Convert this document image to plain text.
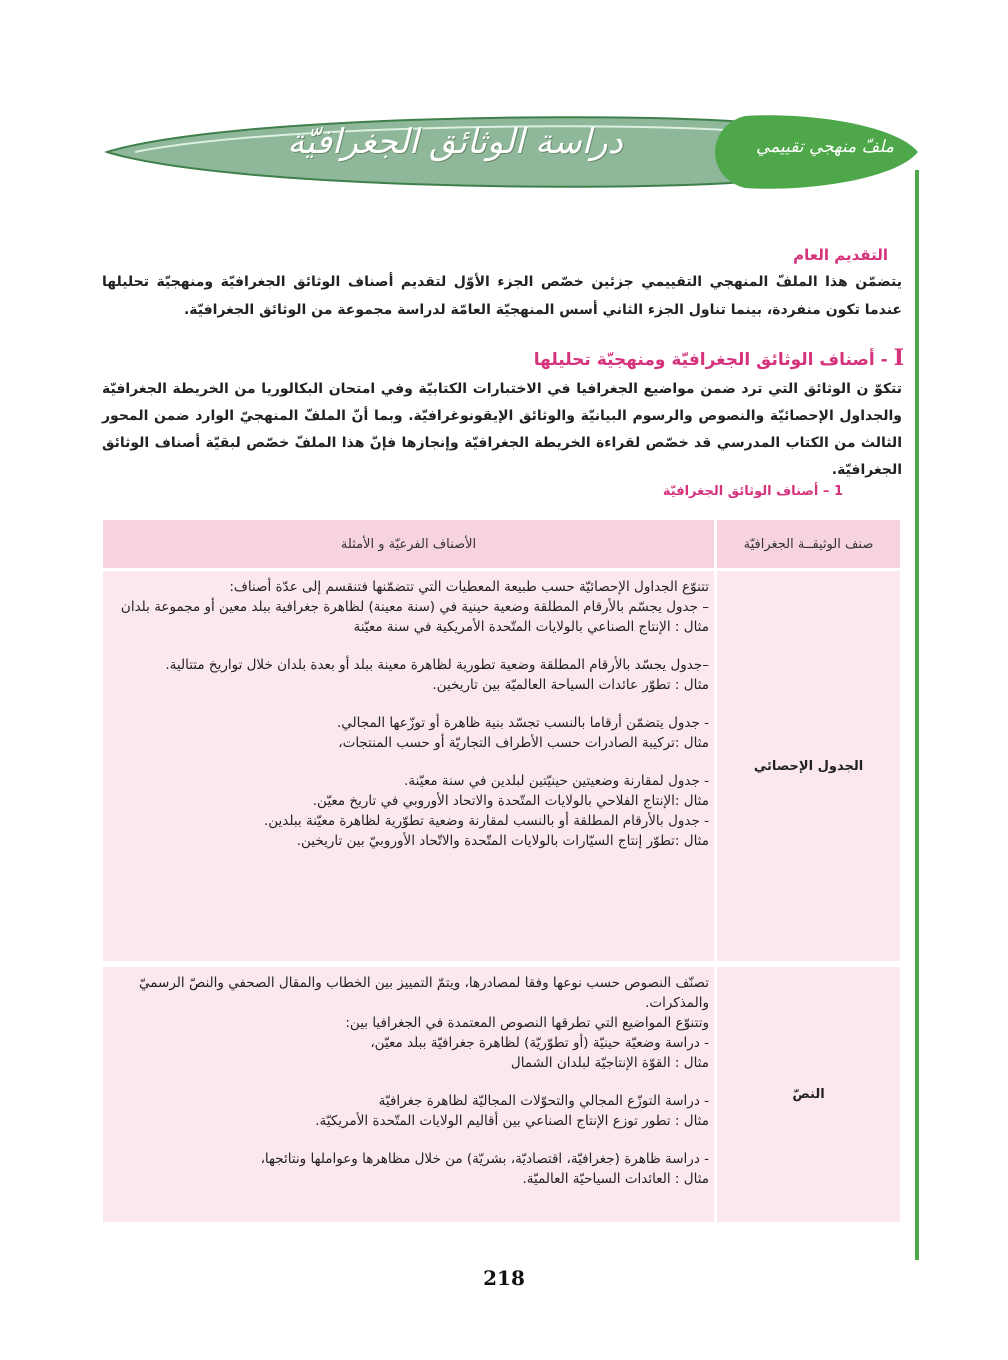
دراسة الوثائق الجغرافيّة	ملفّ منهجي تقييمي
التقديم العام
يتضمّن هذا الملفّ المنهجي التقييمي جزئين خصّص الجزء الأوّل لتقديم أصناف الوثائق الجغرافيّة ومنهجيّة تحليلها عندما تكون منفردة، بينما تناول الجزء الثاني أسس المنهجيّة العامّة لدراسة مجموعة من الوثائق الجغرافيّة.
I- أصناف الوثائق الجغرافيّة ومنهجيّة تحليلها
تتكوّ ن الوثائق التي ترد ضمن مواضيع الجغرافيا في الاختبارات الكتابيّة وفي امتحان البكالوريا من الخريطة الجغرافيّة والجداول الإحصائيّة والنصوص والرسوم البيانيّة والوثائق الإيقونوغرافيّة. وبما أنّ الملفّ المنهجيّ الوارد ضمن المحور الثالث من الكتاب المدرسي قد خصّص لقراءة الخريطة الجغرافيّة وإنجازها فإنّ هذا الملفّ خصّص لبقيّة أصناف الوثائق الجغرافيّة.
1 – أصناف الوثائق الجغرافيّة
صنف الوثيقــة الجغرافيّة
الأصناف الفرعيّة و الأمثلة
الجدول الإحصائي
تتنوّع الجداول الإحصائيّة حسب طبيعة المعطيات التي تتضمّنها فتنقسم إلى عدّة أصناف:
– جدول يجسّم بالأرقام المطلقة وضعية حينية في (سنة معينة) لظاهرة جغرافية ببلد معين أو مجموعة بلدان
مثال : الإنتاج الصناعي بالولايات المتّحدة الأمريكية في سنة معيّنة
–جدول يجسّد بالأرقام المطلقة وضعية تطورية لظاهرة معينة ببلد أو بعدة بلدان خلال تواريخ متتالية.
مثال : تطوّر عائدات السياحة العالميّة بين تاريخين.
- جدول يتضمّن أرقاما بالنسب تجسّد بنية ظاهرة أو توزّعها المجالي.
مثال :تركيبة الصادرات حسب الأطراف التجاريّة أو حسب المنتجات،
- جدول لمقارنة وضعيتين حينيّتين لبلدين في سنة معيّنة.
مثال :الإنتاج الفلاحي بالولايات المتّحدة والاتحاد الأوروبي في تاريخ معيّن.
- جدول بالأرقام المطلقة أو بالنسب لمقارنة وضعية تطوّرية لظاهرة معيّنة ببلدين.
مثال :تطوّر إنتاج السيّارات بالولايات المتّحدة والاتّحاد الأوروبيّ بين تاريخين.
النصّ
تصنّف النصوص حسب نوعها وفقا لمصادرها، ويتمّ التمييز بين الخطاب والمقال الصحفي والنصّ الرسميّ والمذكرات.
وتتنوّع المواضيع التي تطرقها النصوص المعتمدة في الجغرافيا بين:
- دراسة وضعيّة حينيّة (أو تطوّريّة) لظاهرة جغرافيّة ببلد معيّن،
مثال : القوّة الإنتاجيّة لبلدان الشمال
- دراسة التوزّع المجالي والتحوّلات المجاليّة لظاهرة جغرافيّة
مثال : تطور توزع الإنتاج الصناعي بين أقاليم الولايات المتّحدة الأمريكيّة.
- دراسة ظاهرة (جغرافيّة، اقتصاديّة، بشريّة) من خلال مظاهرها وعواملها ونتائجها،
مثال : العائدات السياحيّة العالميّة.
218
